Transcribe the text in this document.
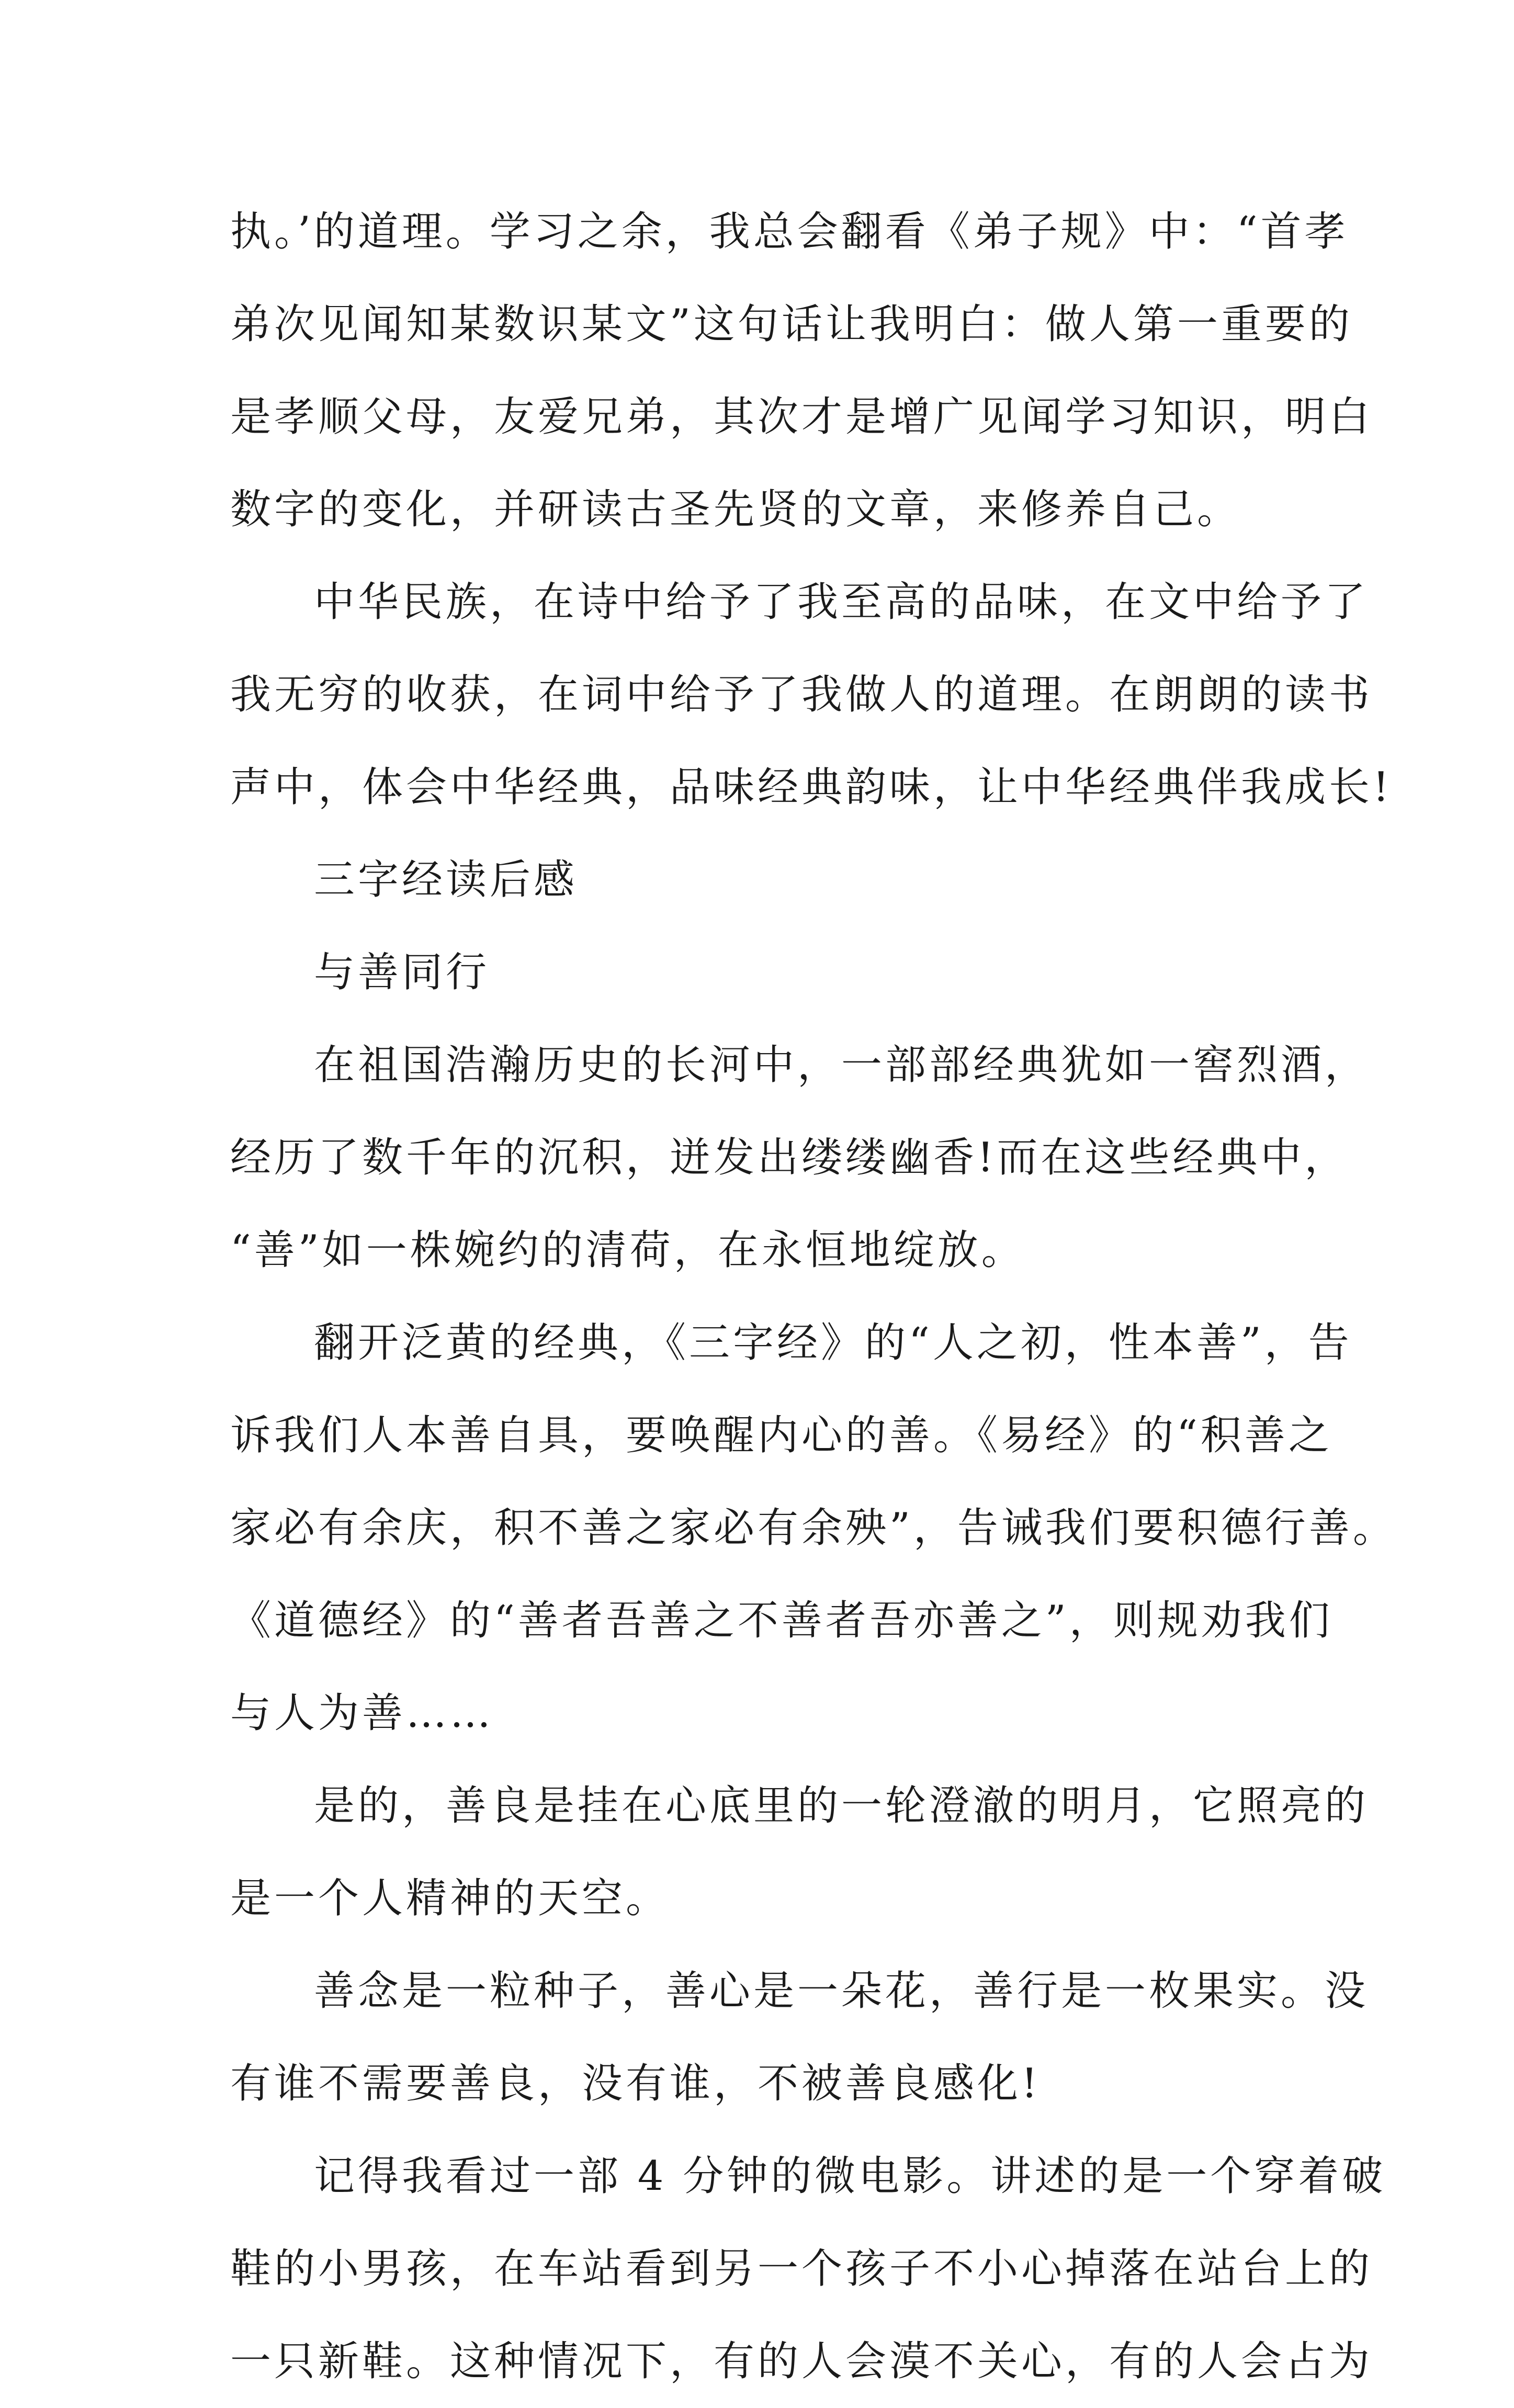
执。’的道理。学习之余，我总会翻看《弟子规》中：“首孝
弟次见闻知某数识某文”这句话让我明白：做人第一重要的
是孝顺父母，友爱兄弟，其次才是增广见闻学习知识，明白
数字的变化，并研读古圣先贤的文章，来修养自己。
中华民族，在诗中给予了我至高的品味，在文中给予了
我无穷的收获，在词中给予了我做人的道理。在朗朗的读书
声中，体会中华经典，品味经典韵味，让中华经典伴我成长!
三字经读后感
与善同行
在祖国浩瀚历史的长河中，一部部经典犹如一窖烈酒，
经历了数千年的沉积，迸发出缕缕幽香!而在这些经典中，
“善”如一株婉约的清荷，在永恒地绽放。
翻开泛黄的经典，《三字经》的“人之初，性本善”，告
诉我们人本善自具，要唤醒内心的善。《易经》的“积善之
家必有余庆，积不善之家必有余殃”，告诫我们要积德行善。
《道德经》的“善者吾善之不善者吾亦善之”，则规劝我们
与人为善……
是的，善良是挂在心底里的一轮澄澈的明月，它照亮的
是一个人精神的天空。
善念是一粒种子，善心是一朵花，善行是一枚果实。没
有谁不需要善良，没有谁，不被善良感化!
记得我看过一部 4 分钟的微电影。讲述的是一个穿着破
鞋的小男孩，在车站看到另一个孩子不小心掉落在站台上的
一只新鞋。这种情况下，有的人会漠不关心，有的人会占为
